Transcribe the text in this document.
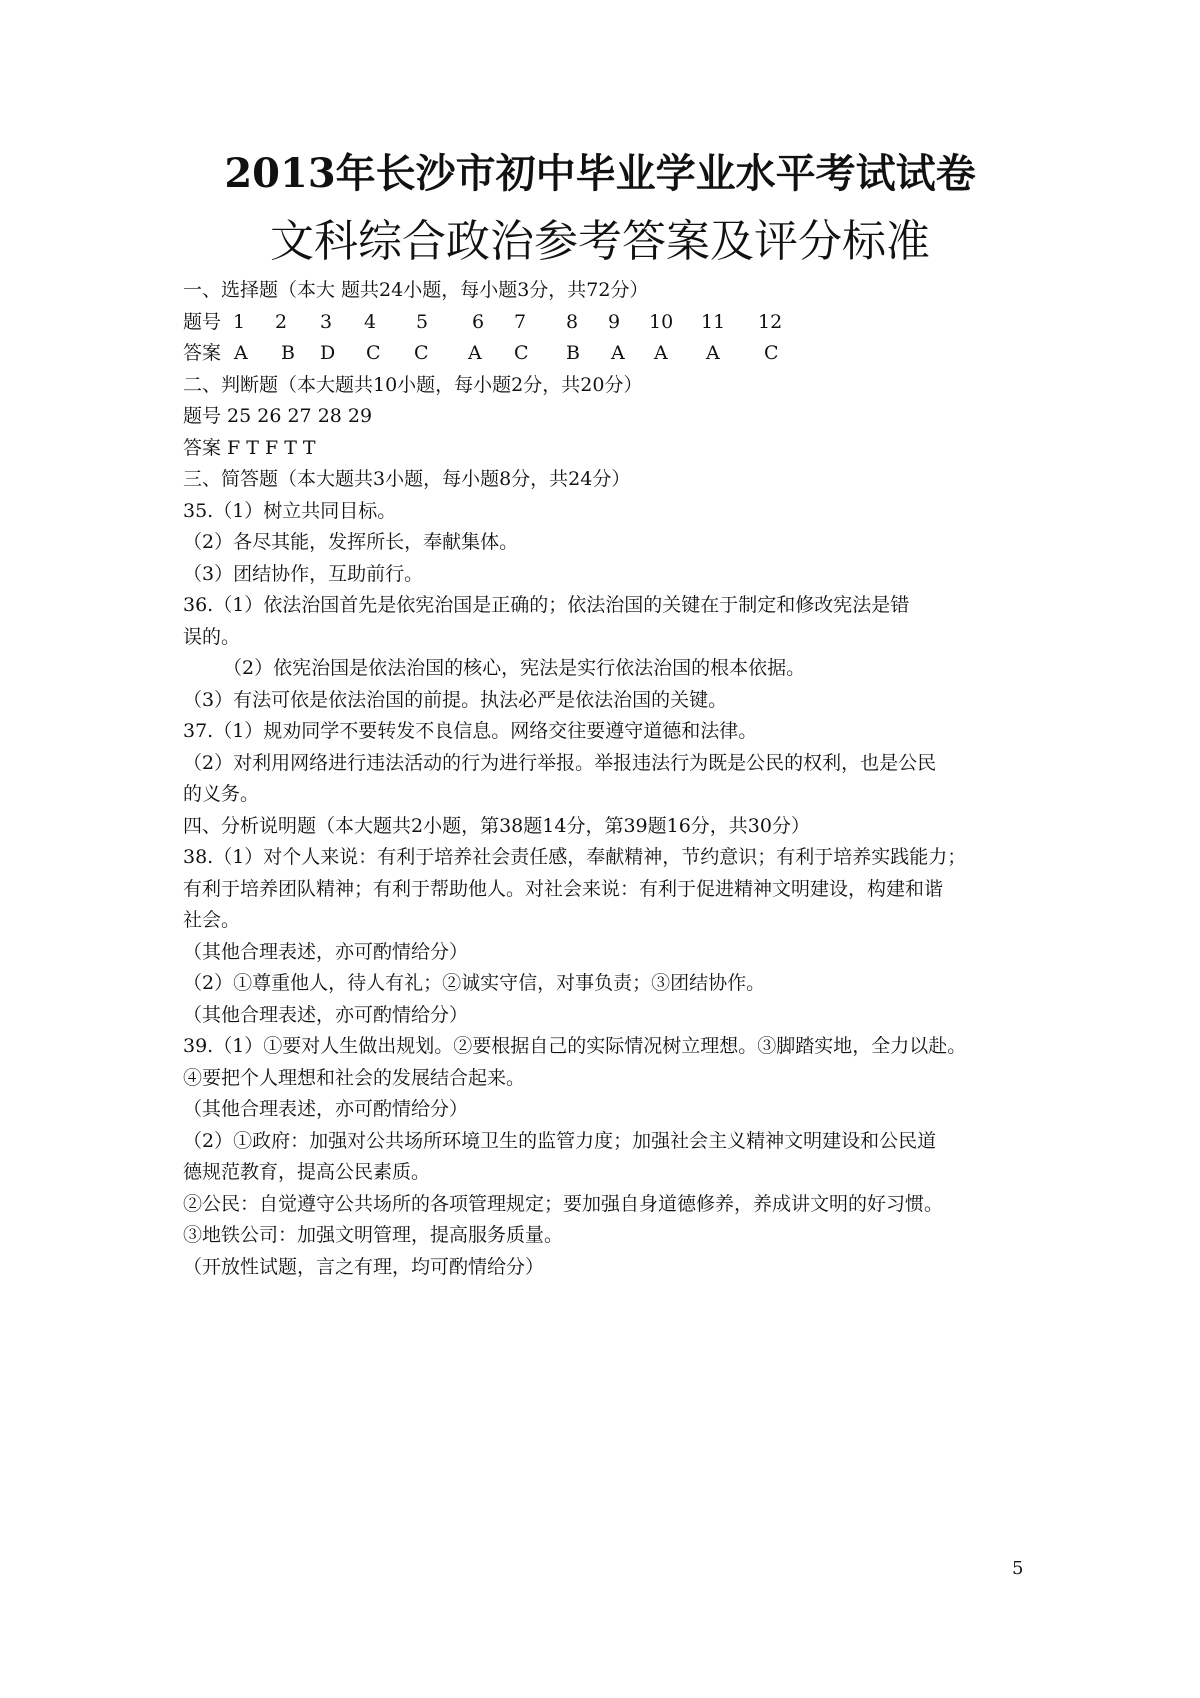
2013年长沙市初中毕业学业水平考试试卷
文科综合政治参考答案及评分标准
一、选择题（本大 题共24小题，每小题3分，共72分）
题号 1 2 3 4 5 6 7 8 9 10 11 12
答案 A B D C C A C B A A A C
二、判断题（本大题共10小题，每小题2分，共20分）
题号 25 26 27 28 29
答案 F T F T T
三、简答题（本大题共3小题，每小题8分，共24分）
35.（1）树立共同目标。
（2）各尽其能，发挥所长，奉献集体。
（3）团结协作，互助前行。
36.（1）依法治国首先是依宪治国是正确的；依法治国的关键在于制定和修改宪法是错
误的。
（2）依宪治国是依法治国的核心，宪法是实行依法治国的根本依据。
（3）有法可依是依法治国的前提。执法必严是依法治国的关键。
37.（1）规劝同学不要转发不良信息。网络交往要遵守道德和法律。
（2）对利用网络进行违法活动的行为进行举报。举报违法行为既是公民的权利，也是公民
的义务。
四、分析说明题（本大题共2小题，第38题14分，第39题16分，共30分）
38.（1）对个人来说：有利于培养社会责任感，奉献精神，节约意识；有利于培养实践能力；
有利于培养团队精神；有利于帮助他人。对社会来说：有利于促进精神文明建设，构建和谐
社会。
（其他合理表述，亦可酌情给分）
（2）①尊重他人，待人有礼；②诚实守信，对事负责；③团结协作。
（其他合理表述，亦可酌情给分）
39.（1）①要对人生做出规划。②要根据自己的实际情况树立理想。③脚踏实地，全力以赴。
④要把个人理想和社会的发展结合起来。
（其他合理表述，亦可酌情给分）
（2）①政府：加强对公共场所环境卫生的监管力度；加强社会主义精神文明建设和公民道
德规范教育，提高公民素质。
②公民：自觉遵守公共场所的各项管理规定；要加强自身道德修养，养成讲文明的好习惯。
③地铁公司：加强文明管理，提高服务质量。
（开放性试题，言之有理，均可酌情给分）
5
